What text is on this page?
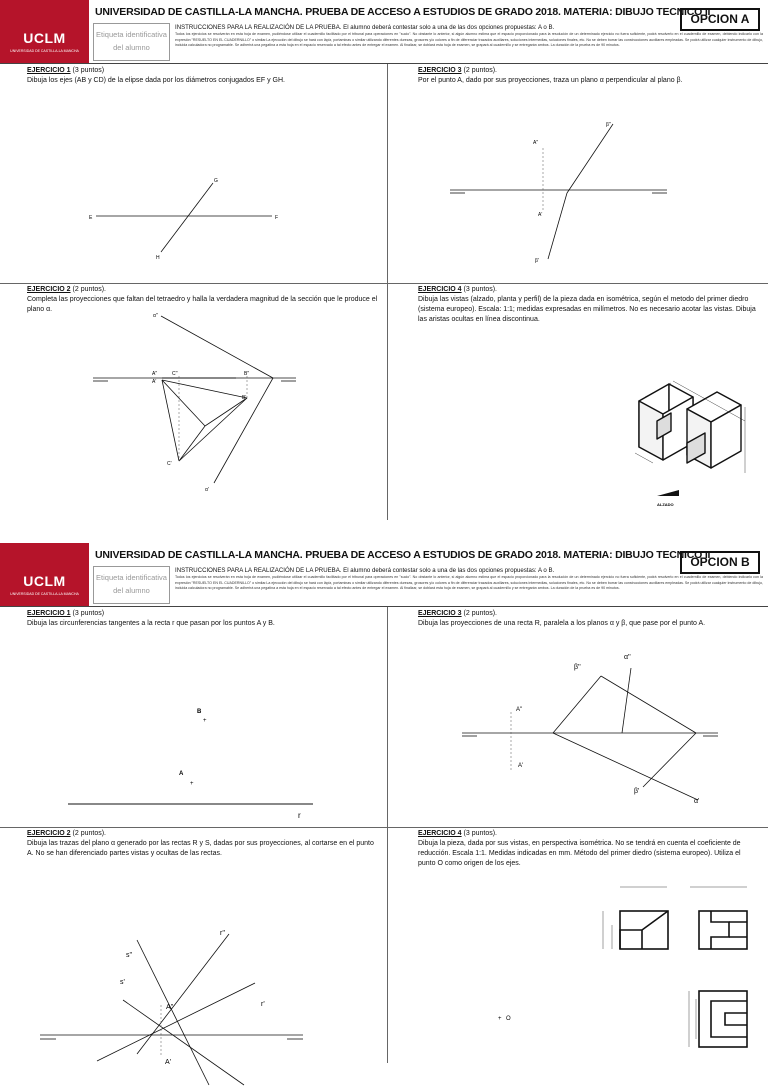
UCLM
UNIVERSIDAD DE CASTILLA-LA MANCHA
UNIVERSIDAD DE CASTILLA-LA MANCHA. PRUEBA DE ACCESO A ESTUDIOS DE GRADO 2018. MATERIA: DIBUJO TECNICO II
Etiqueta identificativa del alumno
INSTRUCCIONES PARA LA REALIZACIÓN DE LA PRUEBA. El alumno deberá contestar solo a una de las dos opciones propuestas: A o B.
Todos los ejercicios se resolverán en esta hoja de examen, pudiéndose utilizar el cuadernillo facilitado por el tribunal para operaciones en "sucio". No obstante lo anterior, si algún alumno estima que el espacio proporcionado para la resolución de un determinado ejercicio no fuera suficiente, podrá resolverlo en el cuadernillo de examen, debiendo indicarlo con la expresión "RESUELTO EN EL CUADERNILLO" o similar.La ejecución del dibujo se hará con lápiz, portaminas o similar utilizando diferentes durezas, grosores y/o colores a fin de diferenciar trazados auxiliares, soluciones intermedias, soluciones finales, etc. No se deben borrar las construcciones auxiliares empleadas. Se podrá utilizar cualquier instrumento de dibujo, incluida calculadora no programable. Se adherirá una pegatina a esta hoja en el espacio reservado a tal efecto antes de entregar el examen. Al finalizar, se doblará esta hoja de examen, se grapará al cuadernillo y se entregarán ambos. La duración de la prueba es de 90 minutos.
OPCION A
EJERCICIO 1 (3 puntos)
Dibuja los ejes (AB y CD) de la elipse dada por los diámetros conjugados EF y GH.
E	F
G
H
EJERCICIO 3 (2 puntos).
Por el punto A, dado por sus proyecciones, traza un plano α perpendicular al plano β.
A''
A'
β''
β'
EJERCICIO 2 (2 puntos).
Completa las proyecciones que faltan del tetraedro y halla la verdadera magnitud de la sección que le produce el plano α.
α''
α'
A''
A'
C''	B''
B'
C'
EJERCICIO 4 (3 puntos).
Dibuja las vistas (alzado, planta y perfil) de la pieza dada en isométrica, según el metodo del primer diedro (sistema europeo). Escala: 1:1; medidas expresadas en milímetros. No es necesario acotar las vistas. Dibuja las aristas ocultas en línea discontinua.
ALZADO
UCLM
UNIVERSIDAD DE CASTILLA-LA MANCHA
UNIVERSIDAD DE CASTILLA-LA MANCHA. PRUEBA DE ACCESO A ESTUDIOS DE GRADO 2018. MATERIA: DIBUJO TECNICO II
Etiqueta identificativa del alumno
INSTRUCCIONES PARA LA REALIZACIÓN DE LA PRUEBA. El alumno deberá contestar solo a una de las dos opciones propuestas: A o B.
Todos los ejercicios se resolverán en esta hoja de examen, pudiéndose utilizar el cuadernillo facilitado por el tribunal para operaciones en "sucio". No obstante lo anterior, si algún alumno estima que el espacio proporcionado para la resolución de un determinado ejercicio no fuera suficiente, podrá resolverlo en el cuadernillo de examen, debiendo indicarlo con la expresión "RESUELTO EN EL CUADERNILLO" o similar.La ejecución del dibujo se hará con lápiz, portaminas o similar utilizando diferentes durezas, grosores y/o colores a fin de diferenciar trazados auxiliares, soluciones intermedias, soluciones finales, etc. No se deben borrar las construcciones auxiliares empleadas. Se podrá utilizar cualquier instrumento de dibujo, incluida calculadora no programable. Se adherirá una pegatina a esta hoja en el espacio reservado a tal efecto antes de entregar el examen. Al finalizar, se doblará esta hoja de examen, se grapará al cuadernillo y se entregarán ambos. La duración de la prueba es de 90 minutos.
OPCION B
EJERCICIO 1 (3 puntos)
Dibuja las circunferencias tangentes a la recta r que pasan por los puntos A y B.
B
+
A
+
r
EJERCICIO 3 (2 puntos).
Dibuja las proyecciones de una recta R, paralela a los planos α y β, que pase por el punto A.
β''
α''
A''
A'
β'
α'
EJERCICIO 2 (2 puntos).
Dibuja las trazas del plano α generado por las rectas R y S, dadas por sus proyecciones, al cortarse en el punto A. No se han diferenciado partes vistas y ocultas de las rectas.
r''
s''
s'
A''	r'
A'
EJERCICIO 4 (3 puntos).
Dibuja la pieza, dada por sus vistas, en perspectiva isométrica. No se tendrá en cuenta el coeficiente de reducción. Escala 1:1. Medidas indicadas en mm. Método del primer diedro (sistema europeo). Utiliza el punto O como origen de los ejes.
+ O
